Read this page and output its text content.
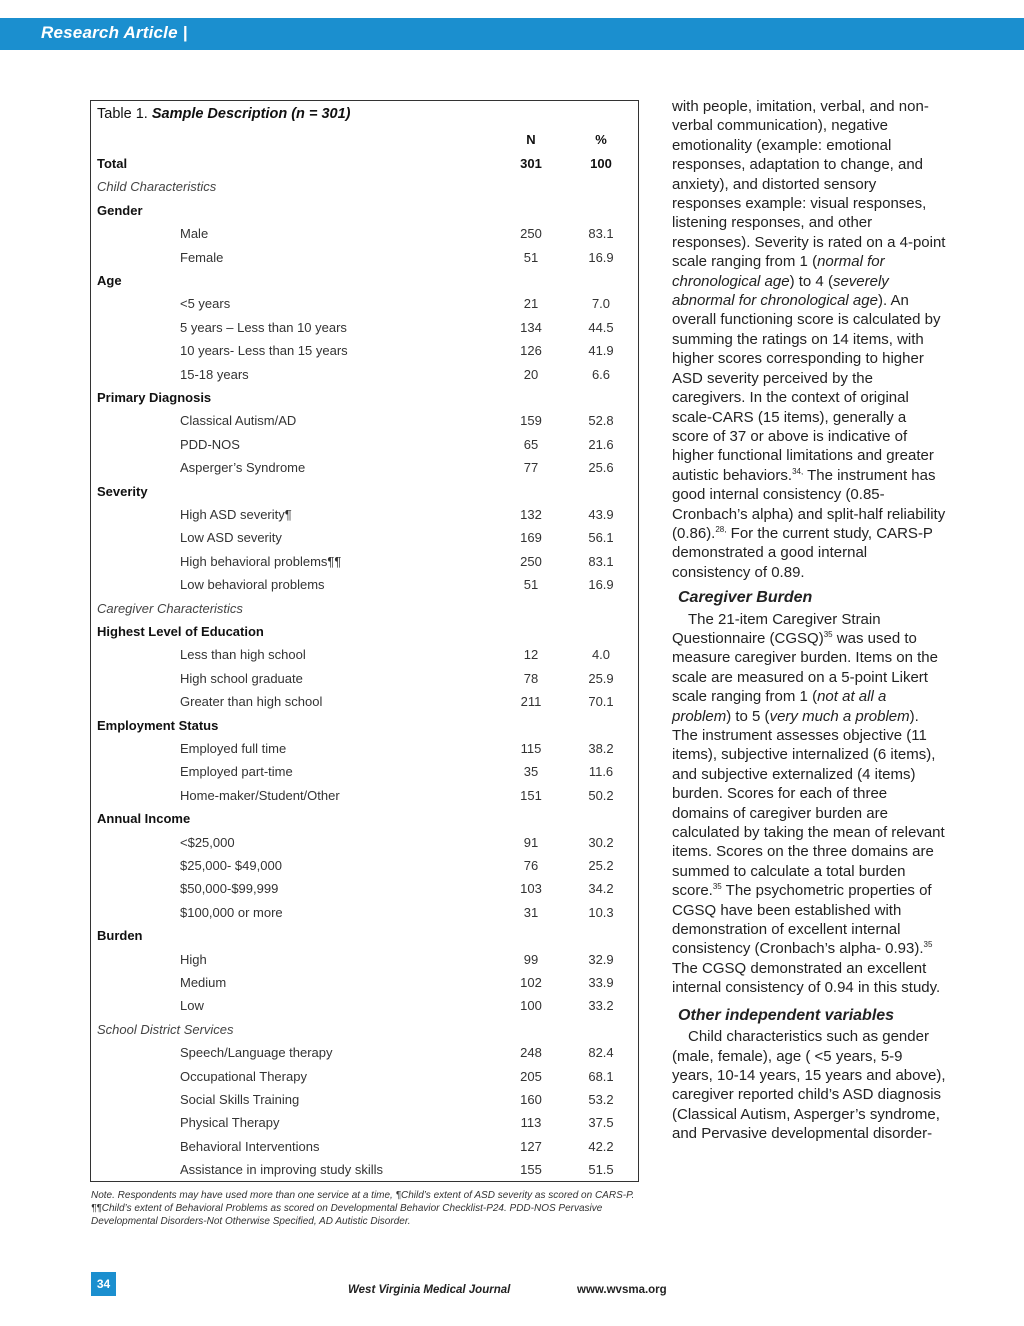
Research Article |
Table 1. Sample Description (n = 301)
N	%
Total	301	100
Child Characteristics
Gender
Male	250	83.1
Female	51	16.9
Age
<5 years	21	7.0
5 years – Less than 10 years	134	44.5
10 years- Less than 15 years	126	41.9
15-18 years	20	6.6
Primary Diagnosis
Classical Autism/AD	159	52.8
PDD-NOS	65	21.6
Asperger’s Syndrome	77	25.6
Severity
High ASD severity¶	132	43.9
Low ASD severity	169	56.1
High behavioral problems¶¶	250	83.1
Low behavioral problems	51	16.9
Caregiver Characteristics
Highest Level of Education
Less than high school	12	4.0
High school graduate	78	25.9
Greater than high school	211	70.1
Employment Status
Employed full time	115	38.2
Employed part-time	35	11.6
Home-maker/Student/Other	151	50.2
Annual Income
<$25,000	91	30.2
$25,000- $49,000	76	25.2
$50,000-$99,999	103	34.2
$100,000 or more	31	10.3
Burden
High	99	32.9
Medium	102	33.9
Low	100	33.2
School District Services
Speech/Language therapy	248	82.4
Occupational Therapy	205	68.1
Social Skills Training	160	53.2
Physical Therapy	113	37.5
Behavioral Interventions	127	42.2
Assistance in improving study skills	155	51.5
Note. Respondents may have used more than one service at a time, ¶Child’s extent of ASD severity as scored on CARS-P. ¶¶Child’s extent of Behavioral Problems as scored on Developmental Behavior Checklist-P24. PDD-NOS Pervasive Developmental Disorders-Not Otherwise Specified, AD Autistic Disorder.

with people, imitation, verbal, and non-verbal communication), negative emotionality (example: emotional responses, adaptation to change, and anxiety), and distorted sensory responses example: visual responses, listening responses, and other responses). Severity is rated on a 4-point scale ranging from 1 (normal for chronological age) to 4 (severely abnormal for chronological age). An overall functioning score is calculated by summing the ratings on 14 items, with higher scores corresponding to higher ASD severity perceived by the caregivers. In the context of original scale-CARS (15 items), generally a score of 37 or above is indicative of higher functional limitations and greater autistic behaviors.$^{34,}$ The instrument has good internal consistency (0.85-Cronbach’s alpha) and split-half reliability (0.86).$^{28,}$ For the current study, CARS-P demonstrated a good internal consistency of 0.89.

Caregiver Burden

The 21-item Caregiver Strain Questionnaire (CGSQ)$^{35}$ was used to measure caregiver burden. Items on the scale are measured on a 5-point Likert scale ranging from 1 (not at all a problem) to 5 (very much a problem). The instrument assesses objective (11 items), subjective internalized (6 items), and subjective externalized (4 items) burden. Scores for each of three domains of caregiver burden are calculated by taking the mean of relevant items. Scores on the three domains are summed to calculate a total burden score.$^{35}$ The psychometric properties of CGSQ have been established with demonstration of excellent internal consistency (Cronbach’s alpha- 0.93).$^{35}$ The CGSQ demonstrated an excellent internal consistency of 0.94 in this study.

Other independent variables

Child characteristics such as gender (male, female), age ( <5 years, 5-9 years, 10-14 years, 15 years and above), caregiver reported child’s ASD diagnosis (Classical Autism, Asperger’s syndrome, and Pervasive developmental disorder-

34	West Virginia Medical Journal	www.wvsma.org
